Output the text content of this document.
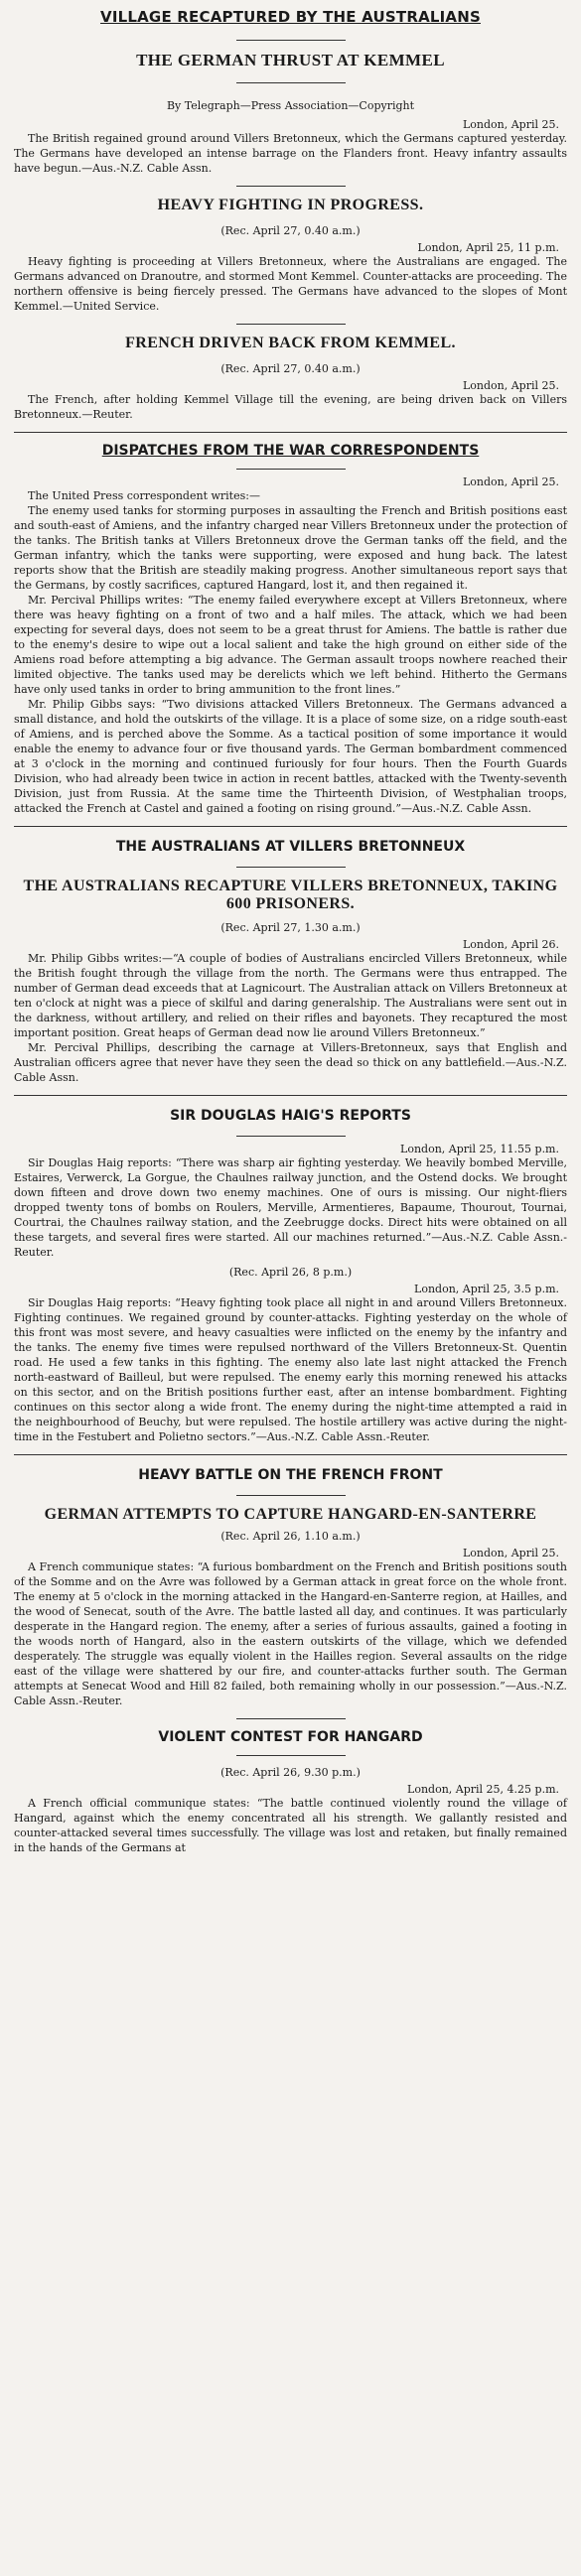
VILLAGE RECAPTURED BY THE AUSTRALIANS
THE GERMAN THRUST AT KEMMEL

By Telegraph—Press Association—Copyright

London, April 25.

The British regained ground around Villers Bretonneux, which the Germans captured yesterday. The Germans have developed an intense barrage on the Flanders front. Heavy infantry assaults have begun.—Aus.-N.Z. Cable Assn.

HEAVY FIGHTING IN PROGRESS.

(Rec. April 27, 0.40 a.m.)

London, April 25, 11 p.m.

Heavy fighting is proceeding at Villers Bretonneux, where the Australians are engaged. The Germans advanced on Dranoutre, and stormed Mont Kemmel. Counter-attacks are proceeding. The northern offensive is being fiercely pressed. The Germans have advanced to the slopes of Mont Kemmel.—United Service.

FRENCH DRIVEN BACK FROM KEMMEL.

(Rec. April 27, 0.40 a.m.)

London, April 25.

The French, after holding Kemmel Village till the evening, are being driven back on Villers Bretonneux.—Reuter.

DISPATCHES FROM THE WAR CORRESPONDENTS

London, April 25.

The United Press correspondent writes:—

The enemy used tanks for storming purposes in assaulting the French and British positions east and south-east of Amiens, and the infantry charged near Villers Bretonneux under the protection of the tanks. The British tanks at Villers Bretonneux drove the German tanks off the field, and the German infantry, which the tanks were supporting, were exposed and hung back. The latest reports show that the British are steadily making progress. Another simultaneous report says that the Germans, by costly sacrifices, captured Hangard, lost it, and then regained it.

Mr. Percival Phillips writes: “The enemy failed everywhere except at Villers Bretonneux, where there was heavy fighting on a front of two and a half miles. The attack, which we had been expecting for several days, does not seem to be a great thrust for Amiens. The battle is rather due to the enemy's desire to wipe out a local salient and take the high ground on either side of the Amiens road before attempting a big advance. The German assault troops nowhere reached their limited objective. The tanks used may be derelicts which we left behind. Hitherto the Germans have only used tanks in order to bring ammunition to the front lines.”

Mr. Philip Gibbs says: “Two divisions attacked Villers Bretonneux. The Germans advanced a small distance, and hold the outskirts of the village. It is a place of some size, on a ridge south-east of Amiens, and is perched above the Somme. As a tactical position of some importance it would enable the enemy to advance four or five thousand yards. The German bombardment commenced at 3 o'clock in the morning and continued furiously for four hours. Then the Fourth Guards Division, who had already been twice in action in recent battles, attacked with the Twenty-seventh Division, just from Russia. At the same time the Thirteenth Division, of Westphalian troops, attacked the French at Castel and gained a footing on rising ground.”—Aus.-N.Z. Cable Assn.

THE AUSTRALIANS AT VILLERS BRETONNEUX
THE AUSTRALIANS RECAPTURE VILLERS BRETONNEUX, TAKING 600 PRISONERS.

(Rec. April 27, 1.30 a.m.)

London, April 26.

Mr. Philip Gibbs writes:—“A couple of bodies of Australians encircled Villers Bretonneux, while the British fought through the village from the north. The Germans were thus entrapped. The number of German dead exceeds that at Lagnicourt. The Australian attack on Villers Bretonneux at ten o'clock at night was a piece of skilful and daring generalship. The Australians were sent out in the darkness, without artillery, and relied on their rifles and bayonets. They recaptured the most important position. Great heaps of German dead now lie around Villers Bretonneux.”

Mr. Percival Phillips, describing the carnage at Villers-Bretonneux, says that English and Australian officers agree that never have they seen the dead so thick on any battlefield.—Aus.-N.Z. Cable Assn.

SIR DOUGLAS HAIG'S REPORTS

London, April 25, 11.55 p.m.

Sir Douglas Haig reports: “There was sharp air fighting yesterday. We heavily bombed Merville, Estaires, Verwerck, La Gorgue, the Chaulnes railway junction, and the Ostend docks. We brought down fifteen and drove down two enemy machines. One of ours is missing. Our night-fliers dropped twenty tons of bombs on Roulers, Merville, Armentieres, Bapaume, Thourout, Tournai, Courtrai, the Chaulnes railway station, and the Zeebrugge docks. Direct hits were obtained on all these targets, and several fires were started. All our machines returned.”—Aus.-N.Z. Cable Assn.-Reuter.

(Rec. April 26, 8 p.m.)

London, April 25, 3.5 p.m.

Sir Douglas Haig reports: “Heavy fighting took place all night in and around Villers Bretonneux. Fighting continues. We regained ground by counter-attacks. Fighting yesterday on the whole of this front was most severe, and heavy casualties were inflicted on the enemy by the infantry and the tanks. The enemy five times were repulsed northward of the Villers Bretonneux-St. Quentin road. He used a few tanks in this fighting. The enemy also late last night attacked the French north-eastward of Bailleul, but were repulsed. The enemy early this morning renewed his attacks on this sector, and on the British positions further east, after an intense bombardment. Fighting continues on this sector along a wide front. The enemy during the night-time attempted a raid in the neighbourhood of Beuchy, but were repulsed. The hostile artillery was active during the night-time in the Festubert and Polietno sectors.”—Aus.-N.Z. Cable Assn.-Reuter.

HEAVY BATTLE ON THE FRENCH FRONT
GERMAN ATTEMPTS TO CAPTURE HANGARD-EN-SANTERRE

(Rec. April 26, 1.10 a.m.)

London, April 25.

A French communique states: “A furious bombardment on the French and British positions south of the Somme and on the Avre was followed by a German attack in great force on the whole front. The enemy at 5 o'clock in the morning attacked in the Hangard-en-Santerre region, at Hailles, and the wood of Senecat, south of the Avre. The battle lasted all day, and continues. It was particularly desperate in the Hangard region. The enemy, after a series of furious assaults, gained a footing in the woods north of Hangard, also in the eastern outskirts of the village, which we defended desperately. The struggle was equally violent in the Hailles region. Several assaults on the ridge east of the village were shattered by our fire, and counter-attacks further south. The German attempts at Senecat Wood and Hill 82 failed, both remaining wholly in our possession.”—Aus.-N.Z. Cable Assn.-Reuter.

VIOLENT CONTEST FOR HANGARD

(Rec. April 26, 9.30 p.m.)

London, April 25, 4.25 p.m.

A French official communique states: “The battle continued violently round the village of Hangard, against which the enemy concentrated all his strength. We gallantly resisted and counter-attacked several times successfully. The village was lost and retaken, but finally remained in the hands of the Germans at
